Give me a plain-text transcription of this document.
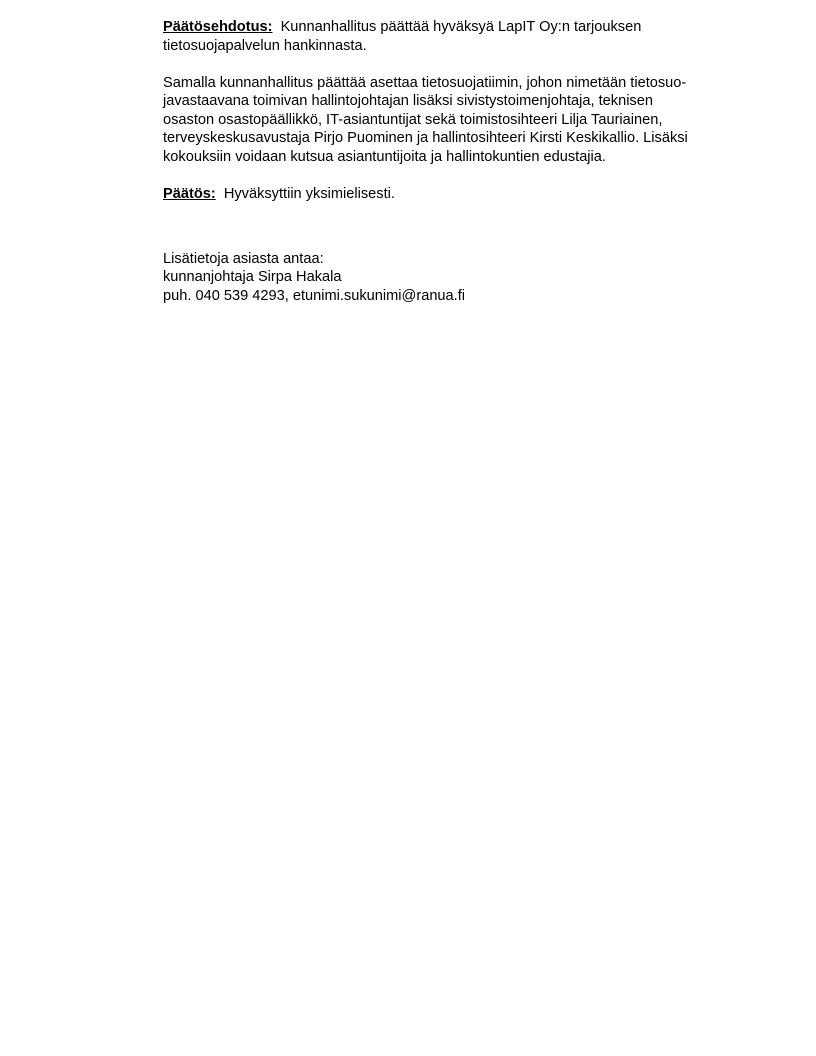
Päätösehdotus: Kunnanhallitus päättää hyväksyä LapIT Oy:n tarjouksen
tietosuojapalvelun hankinnasta.

Samalla kunnanhallitus päättää asettaa tietosuojatiimin, johon nimetään tietosuo-
javastaavana toimivan hallintojohtajan lisäksi sivistystoimenjohtaja, teknisen
osaston osastopäällikkö, IT-asiantuntijat sekä toimistosihteeri Lilja Tauriainen,
terveyskeskusavustaja Pirjo Puominen ja hallintosihteeri Kirsti Keskikallio. Lisäksi
kokouksiin voidaan kutsua asiantuntijoita ja hallintokuntien edustajia.

Päätös: Hyväksyttiin yksimielisesti.

Lisätietoja asiasta antaa:
kunnanjohtaja Sirpa Hakala
puh. 040 539 4293, etunimi.sukunimi@ranua.fi
